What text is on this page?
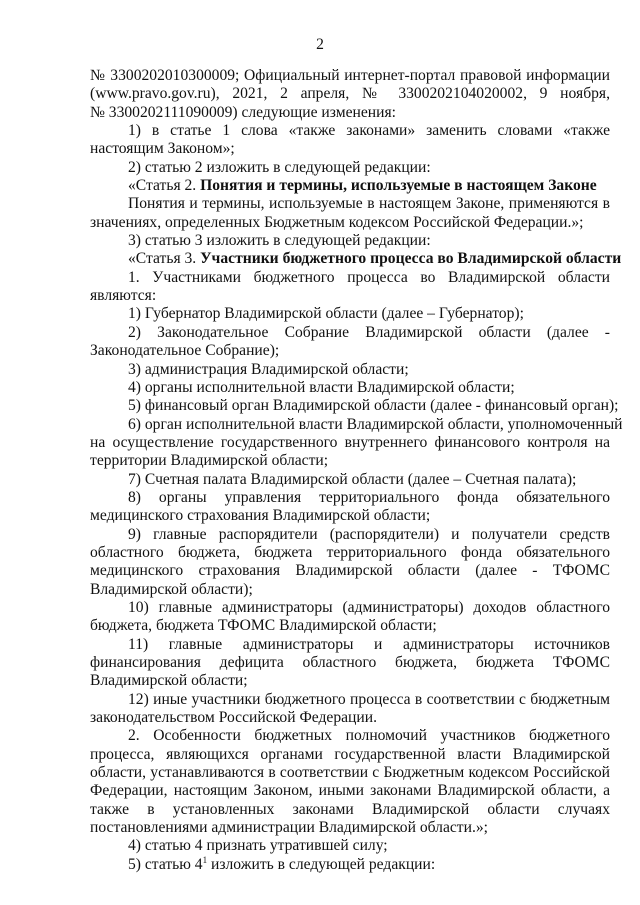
2
№ 3300202010300009; Официальный интернет-портал правовой информации
(www.pravo.gov.ru), 2021, 2 апреля, № 3300202104020002, 9 ноября,
№ 3300202111090009) следующие изменения:
1) в статье 1 слова «также законами» заменить словами «также
настоящим Законом»;
2) статью 2 изложить в следующей редакции:
«Статья 2. Понятия и термины, используемые в настоящем Законе
Понятия и термины, используемые в настоящем Законе, применяются в
значениях, определенных Бюджетным кодексом Российской Федерации.»;
3) статью 3 изложить в следующей редакции:
«Статья 3. Участники бюджетного процесса во Владимирской области
1. Участниками бюджетного процесса во Владимирской области
являются:
1) Губернатор Владимирской области (далее – Губернатор);
2) Законодательное Собрание Владимирской области (далее -
Законодательное Собрание);
3) администрация Владимирской области;
4) органы исполнительной власти Владимирской области;
5) финансовый орган Владимирской области (далее - финансовый орган);
6) орган исполнительной власти Владимирской области, уполномоченный
на осуществление государственного внутреннего финансового контроля на
территории Владимирской области;
7) Счетная палата Владимирской области (далее – Счетная палата);
8) органы управления территориального фонда обязательного
медицинского страхования Владимирской области;
9) главные распорядители (распорядители) и получатели средств
областного бюджета, бюджета территориального фонда обязательного
медицинского страхования Владимирской области (далее - ТФОМС
Владимирской области);
10) главные администраторы (администраторы) доходов областного
бюджета, бюджета ТФОМС Владимирской области;
11) главные администраторы и администраторы источников
финансирования дефицита областного бюджета, бюджета ТФОМС
Владимирской области;
12) иные участники бюджетного процесса в соответствии с бюджетным
законодательством Российской Федерации.
2. Особенности бюджетных полномочий участников бюджетного
процесса, являющихся органами государственной власти Владимирской
области, устанавливаются в соответствии с Бюджетным кодексом Российской
Федерации, настоящим Законом, иными законами Владимирской области, а
также в установленных законами Владимирской области случаях
постановлениями администрации Владимирской области.»;
4) статью 4 признать утратившей силу;
5) статью $4^1$ изложить в следующей редакции:
